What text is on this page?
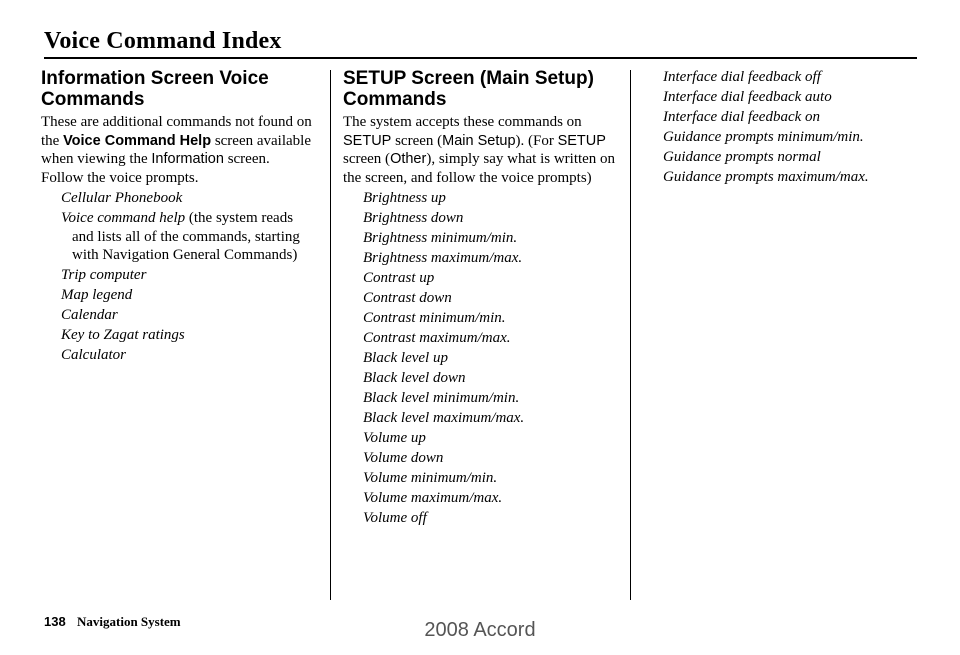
Voice Command Index
Information Screen Voice Commands

These are additional commands not found on the Voice Command Help screen available when viewing the Information screen. Follow the voice prompts.

Cellular Phonebook
Voice command help (the system reads and lists all of the commands, starting with Navigation General Commands)
Trip computer
Map legend
Calendar
Key to Zagat ratings
Calculator
SETUP Screen (Main Setup) Commands

The system accepts these commands on SETUP screen (Main Setup). (For SETUP screen (Other), simply say what is written on the screen, and follow the voice prompts)

Brightness up
Brightness down
Brightness minimum/min.
Brightness maximum/max.
Contrast up
Contrast down
Contrast minimum/min.
Contrast maximum/max.
Black level up
Black level down
Black level minimum/min.
Black level maximum/max.
Volume up
Volume down
Volume minimum/min.
Volume maximum/max.
Volume off
Interface dial feedback off
Interface dial feedback auto
Interface dial feedback on
Guidance prompts minimum/min.
Guidance prompts normal
Guidance prompts maximum/max.
138 Navigation System	2008 Accord
